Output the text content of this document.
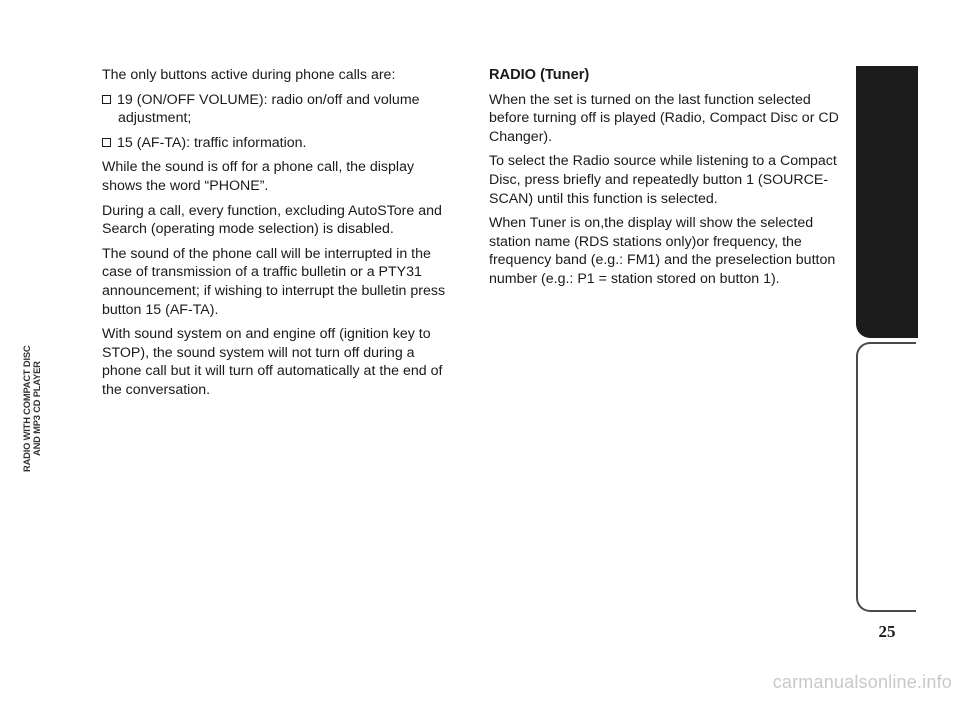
The only buttons active during phone calls are:

19 (ON/OFF VOLUME): radio on/off and volume adjustment;
15 (AF-TA): traffic information.

While the sound is off for a phone call, the display shows the word “PHONE”.

During a call, every function, excluding AutoSTore and Search (operating mode selection) is disabled.

The sound of the phone call will be interrupted in the case of transmission of a traffic bulletin or a PTY31 announcement; if wishing to interrupt the bulletin press button 15 (AF-TA).

With sound system on and engine off (ignition key to STOP), the sound system will not turn off during a phone call but it will turn off automatically at the end of the conversation.

RADIO (Tuner)

When the set is turned on the last function selected before turning off is played (Radio, Compact Disc or CD Changer).

To select the Radio source while listening to a Compact Disc, press briefly and repeatedly button 1 (SOURCE-SCAN) until this function is selected.

When Tuner is on,the display will show the selected station name (RDS stations only)or frequency, the frequency band (e.g.: FM1) and the preselection button number (e.g.: P1 = station stored on button 1).

RADIO WITH
COMPACT DISC PLAYER
RADIO WITH COMPACT DISC
AND MP3 CD PLAYER
25
carmanualsonline.info
